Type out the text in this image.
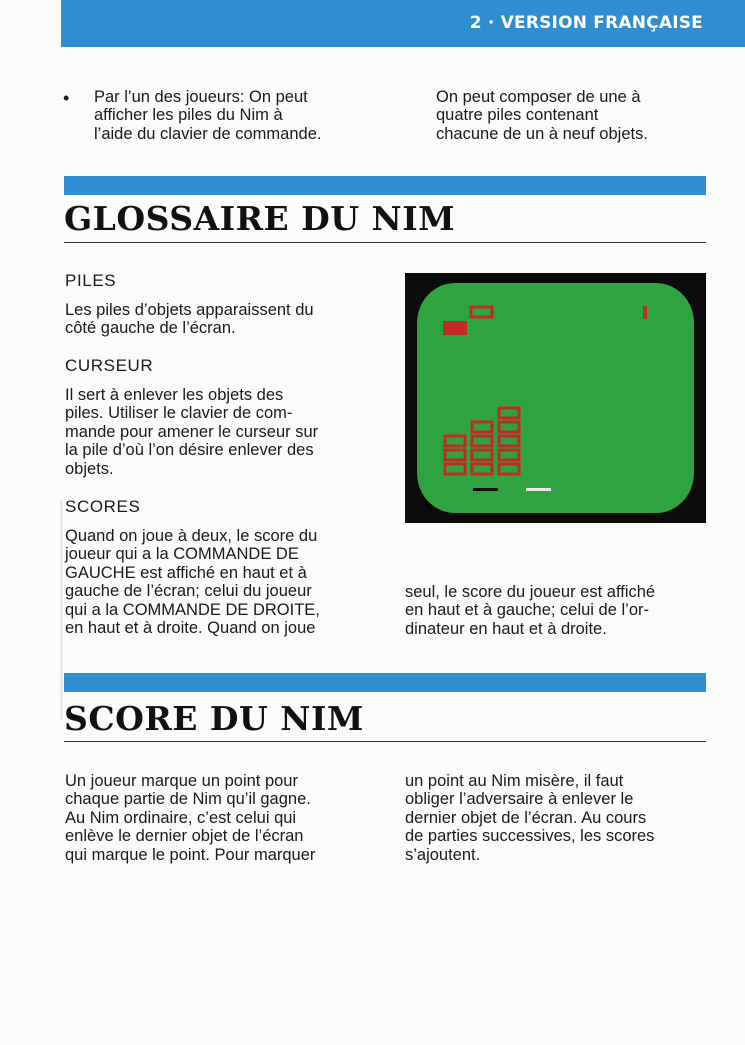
2 · VERSION FRANÇAISE
• Par l’un des joueurs: On peut
afficher les piles du Nim à
l’aide du clavier de commande.
On peut composer de une à
quatre piles contenant
chacune de un à neuf objets.
GLOSSAIRE DU NIM
PILES
Les piles d’objets apparaissent du
côté gauche de l’écran.
CURSEUR
Il sert à enlever les objets des
piles. Utiliser le clavier de com-
mande pour amener le curseur sur
la pile d’où l’on désire enlever des
objets.
SCORES
Quand on joue à deux, le score du
joueur qui a la COMMANDE DE
GAUCHE est affiché en haut et à
gauche de l’écran; celui du joueur
qui a la COMMANDE DE DROITE,
en haut et à droite. Quand on joue
seul, le score du joueur est affiché
en haut et à gauche; celui de l’or-
dinateur en haut et à droite.
SCORE DU NIM
Un joueur marque un point pour
chaque partie de Nim qu’il gagne.
Au Nim ordinaire, c’est celui qui
enlève le dernier objet de l’écran
qui marque le point. Pour marquer
un point au Nim misère, il faut
obliger l’adversaire à enlever le
dernier objet de l’écran. Au cours
de parties successives, les scores
s’ajoutent.
